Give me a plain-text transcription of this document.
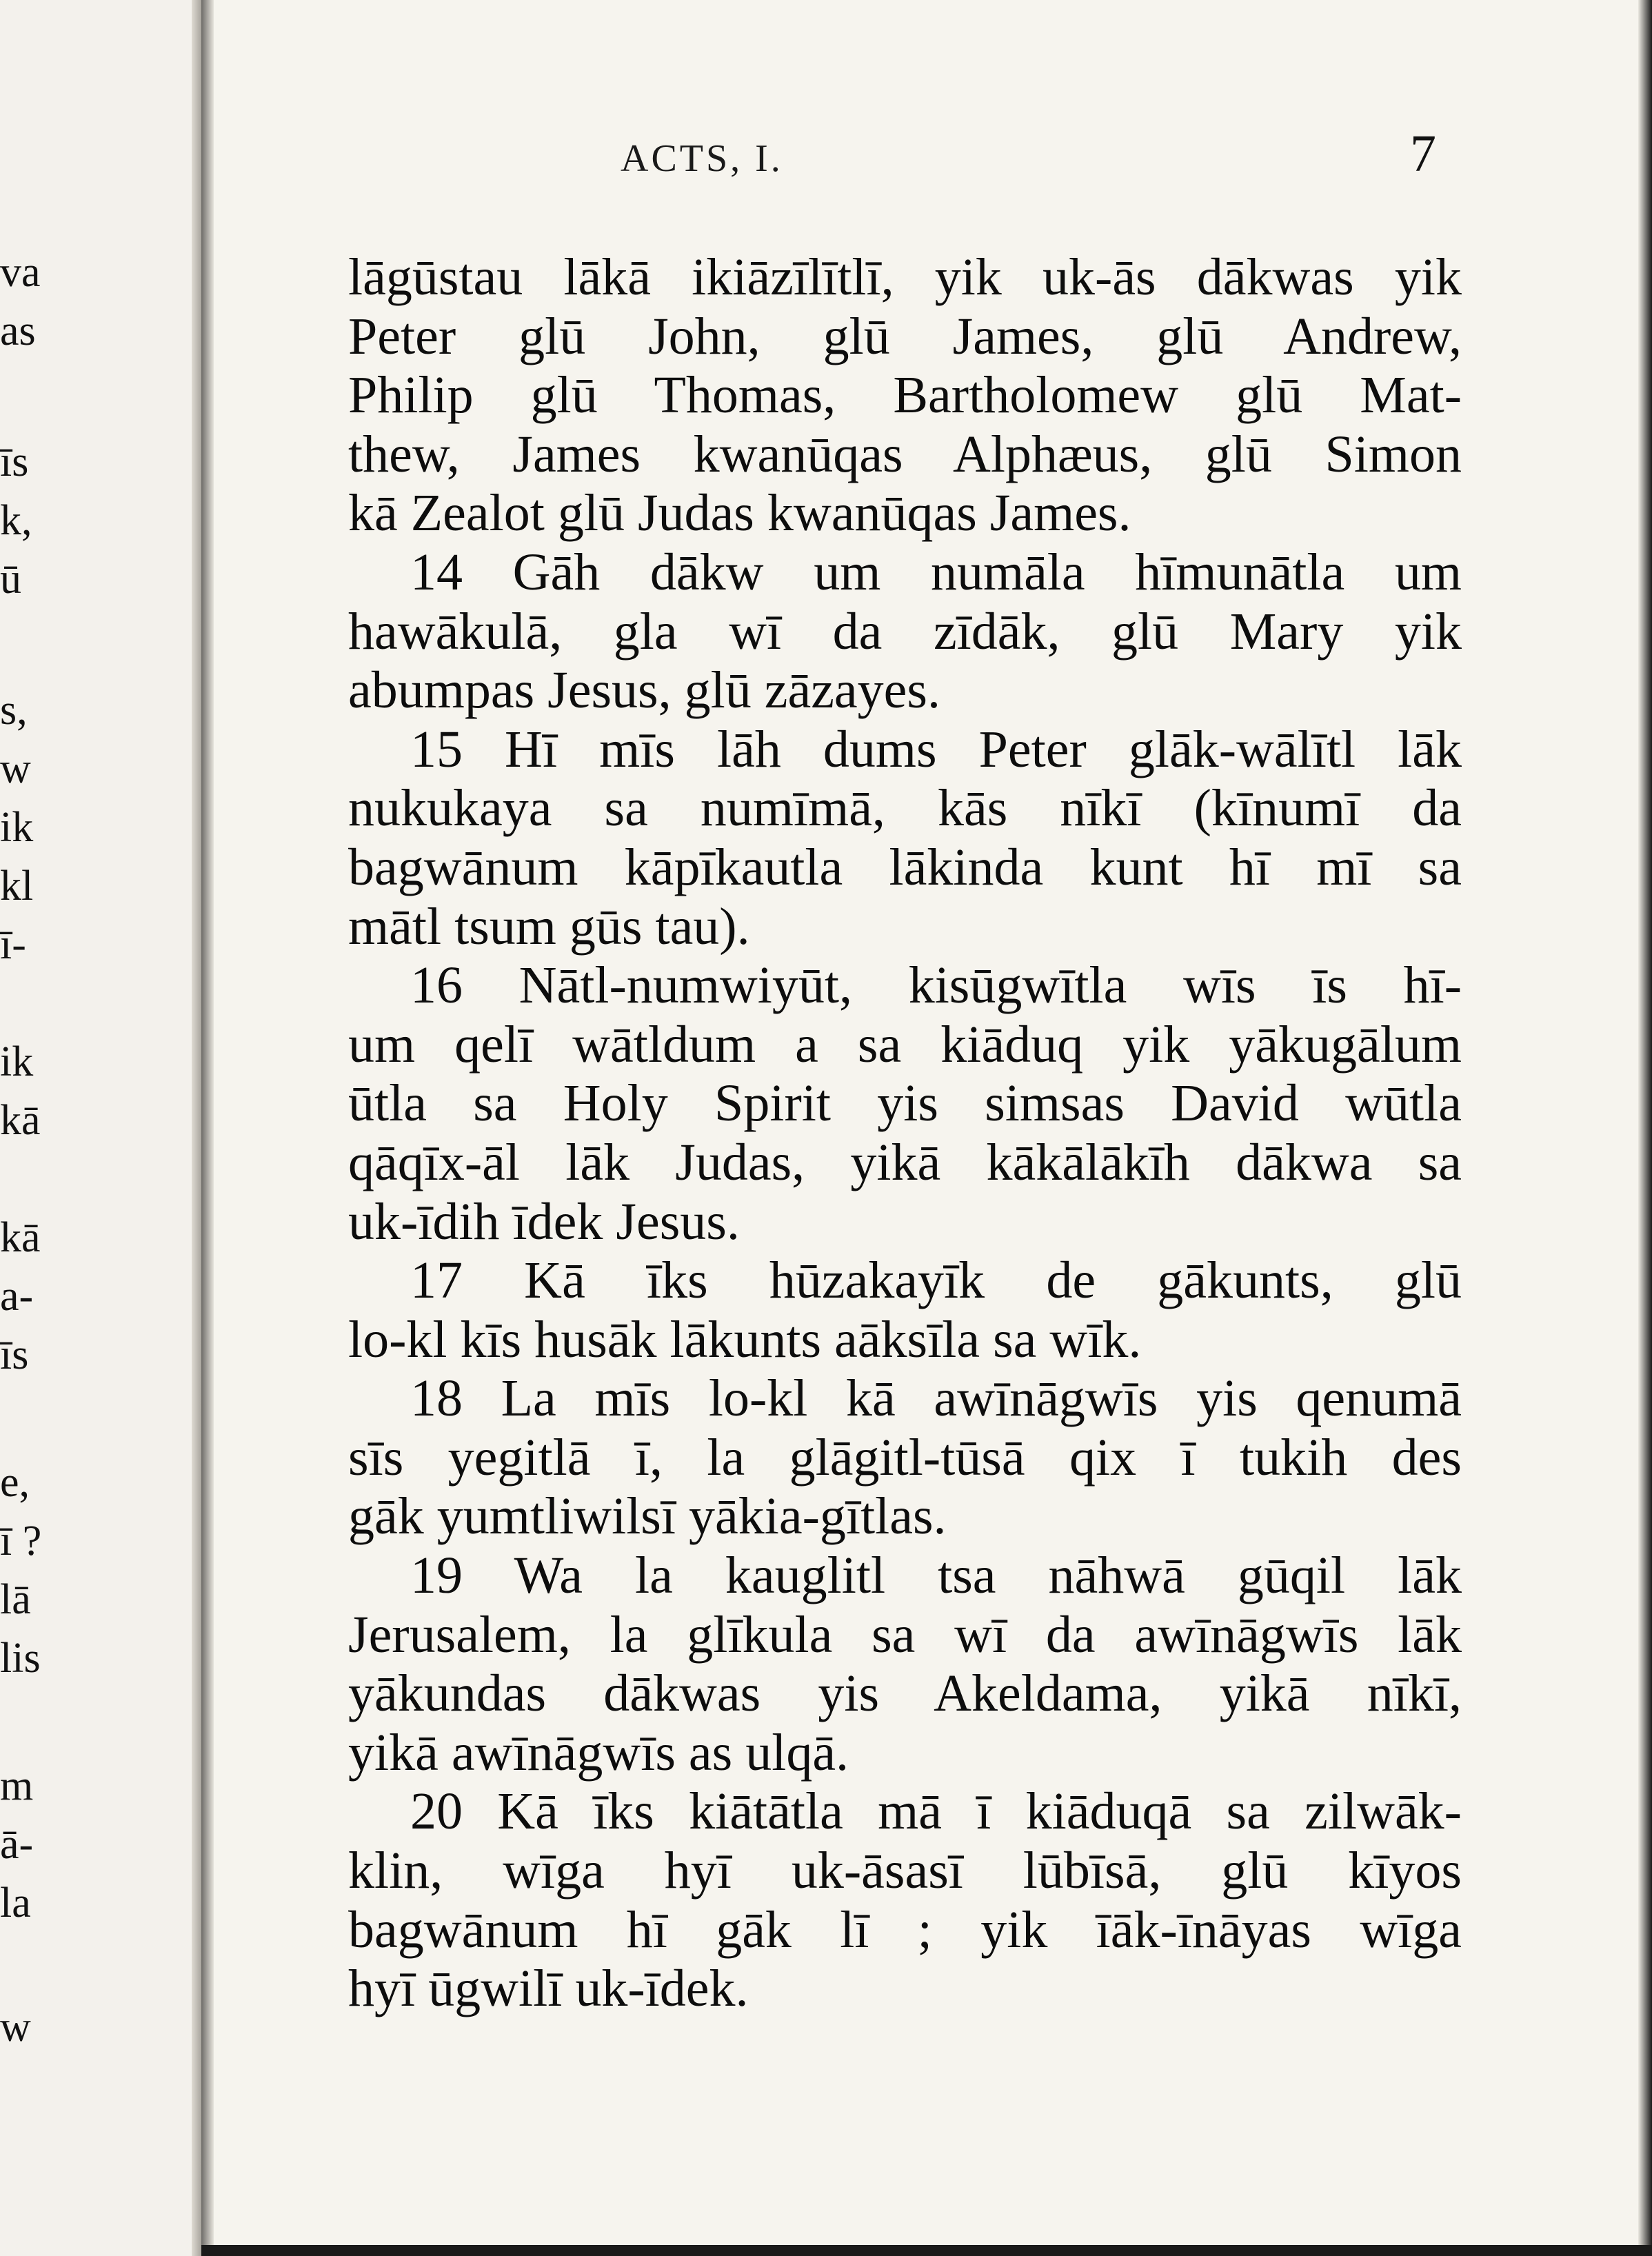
va
as
īs
k,
ū
s,
w
ik
kl
ī-
ik
kā
kā
a-
īs
e,
ī ?
lā
lis
m
ā-
la
w
ACTS, I.	7
lāgūstau lākā ikiāzīlītlī, yik uk-ās dākwas yik
Peter glū John, glū James, glū Andrew,
Philip glū Thomas, Bartholomew glū Mat-
thew, James kwanūqas Alphæus, glū Simon
kā Zealot glū Judas kwanūqas James.
14 Gāh dākw um numāla hīmunātla um
hawākulā, gla wī da zīdāk, glū Mary yik
abumpas Jesus, glū zāzayes.
15 Hī mīs lāh dums Peter glāk-wālītl lāk
nukukaya sa numīmā, kās nīkī (kīnumī da
bagwānum kāpīkautla lākinda kunt hī mī sa
mātl tsum gūs tau).
16 Nātl-numwiyūt, kisūgwītla wīs īs hī-
um qelī wātldum a sa kiāduq yik yākugālum
ūtla sa Holy Spirit yis simsas David wūtla
qāqīx-āl lāk Judas, yikā kākālākīh dākwa sa
uk-īdih īdek Jesus.
17 Kā īks hūzakayīk de gākunts, glū
lo-kl kīs husāk lākunts aāksīla sa wīk.
18 La mīs lo-kl kā awīnāgwīs yis qenumā
sīs yegitlā ī, la glāgitl-tūsā qix ī tukih des
gāk yumtliwilsī yākia-gītlas.
19 Wa la kauglitl tsa nāhwā gūqil lāk
Jerusalem, la glīkula sa wī da awīnāgwīs lāk
yākundas dākwas yis Akeldama, yikā nīkī,
yikā awīnāgwīs as ulqā.
20 Kā īks kiātātla mā ī kiāduqā sa zilwāk-
klin, wīga hyī uk-āsasī lūbīsā, glū kīyos
bagwānum hī gāk lī ; yik īāk-īnāyas wīga
hyī ūgwilī uk-īdek.
